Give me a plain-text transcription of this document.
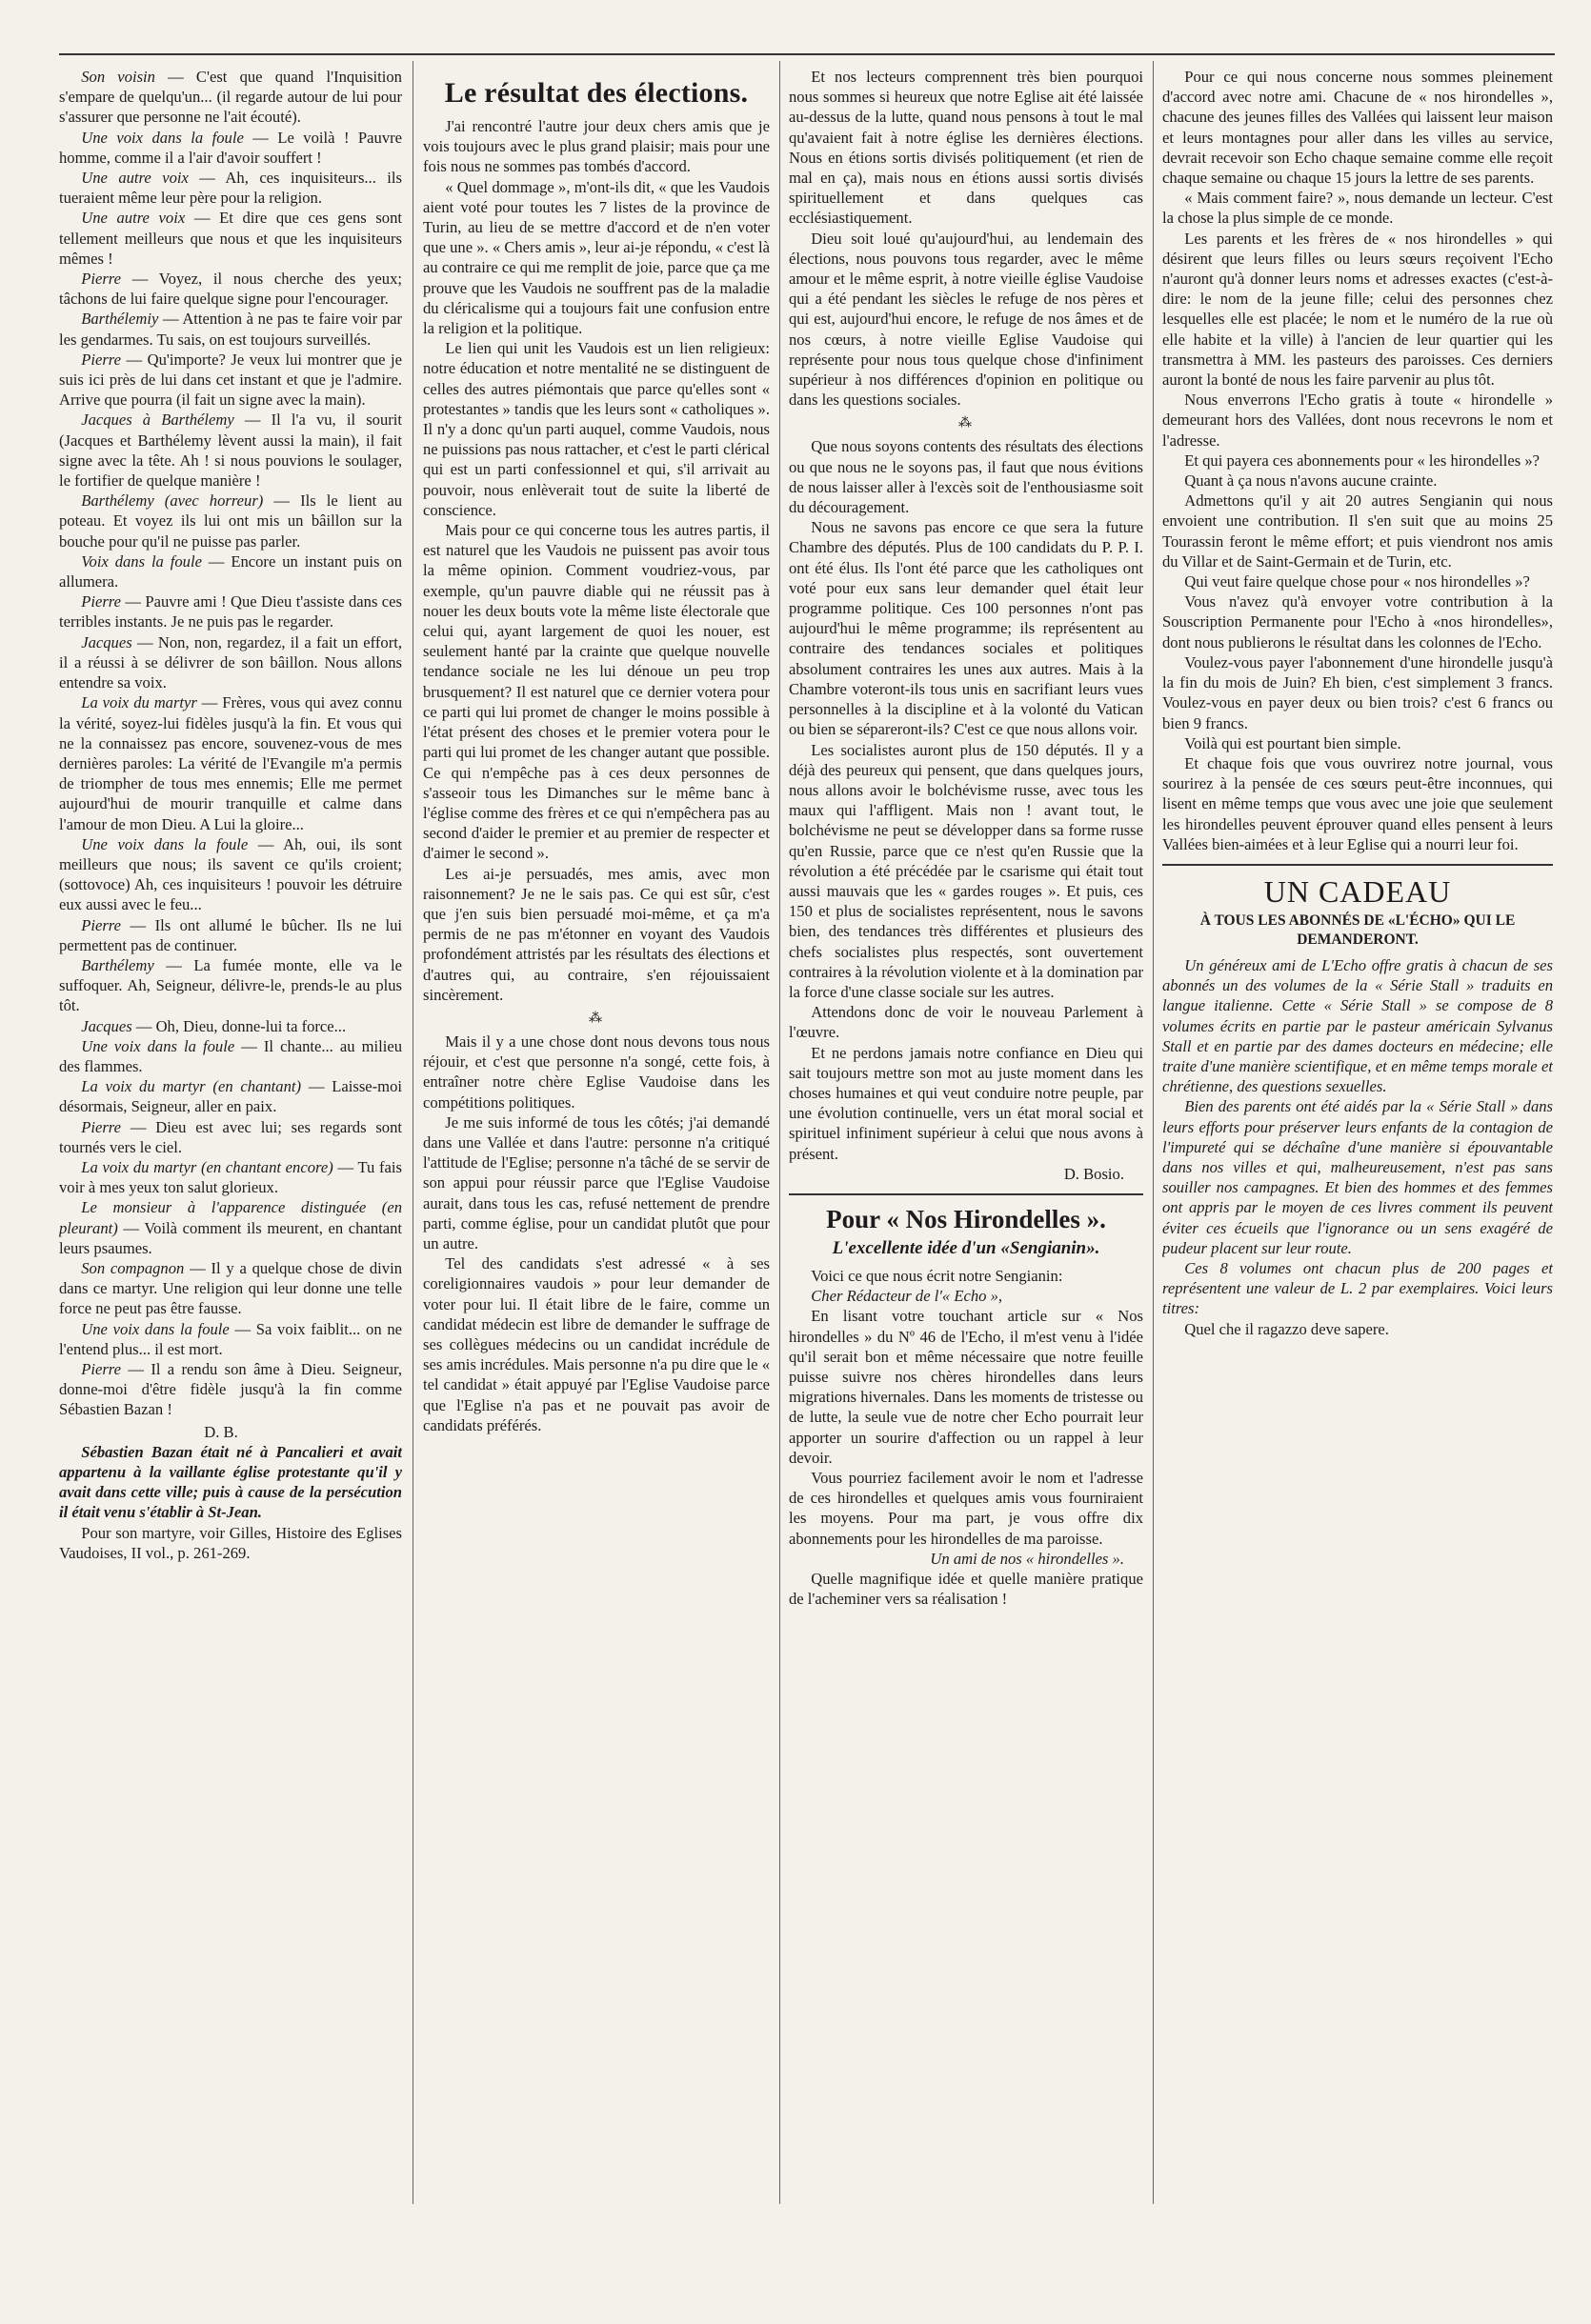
Son voisin — C'est que quand l'Inquisition s'empare de quelqu'un... (il regarde autour de lui pour s'assurer que personne ne l'ait écouté).

Une voix dans la foule — Le voilà ! Pauvre homme, comme il a l'air d'avoir souffert !

Une autre voix — Ah, ces inquisiteurs... ils tueraient même leur père pour la religion.

Une autre voix — Et dire que ces gens sont tellement meilleurs que nous et que les inquisiteurs mêmes !

Pierre — Voyez, il nous cherche des yeux; tâchons de lui faire quelque signe pour l'encourager.

Barthélemiy — Attention à ne pas te faire voir par les gendarmes. Tu sais, on est toujours surveillés.

Pierre — Qu'importe? Je veux lui montrer que je suis ici près de lui dans cet instant et que je l'admire. Arrive que pourra (il fait un signe avec la main).

Jacques à Barthélemy — Il l'a vu, il sourit (Jacques et Barthélemy lèvent aussi la main), il fait signe avec la tête. Ah ! si nous pouvions le soulager, le fortifier de quelque manière !

Barthélemy (avec horreur) — Ils le lient au poteau. Et voyez ils lui ont mis un bâillon sur la bouche pour qu'il ne puisse pas parler.

Voix dans la foule — Encore un instant puis on allumera.

Pierre — Pauvre ami ! Que Dieu t'assiste dans ces terribles instants. Je ne puis pas le regarder.

Jacques — Non, non, regardez, il a fait un effort, il a réussi à se délivrer de son bâillon. Nous allons entendre sa voix.

La voix du martyr — Frères, vous qui avez connu la vérité, soyez-lui fidèles jusqu'à la fin. Et vous qui ne la connaissez pas encore, souvenez-vous de mes dernières paroles: La vérité de l'Evangile m'a permis de triompher de tous mes ennemis; Elle me permet aujourd'hui de mourir tranquille et calme dans l'amour de mon Dieu. A Lui la gloire...

Une voix dans la foule — Ah, oui, ils sont meilleurs que nous; ils savent ce qu'ils croient; (sottovoce) Ah, ces inquisiteurs ! pouvoir les détruire eux aussi avec le feu...

Pierre — Ils ont allumé le bûcher. Ils ne lui permettent pas de continuer.

Barthélemy — La fumée monte, elle va le suffoquer. Ah, Seigneur, délivre-le, prends-le au plus tôt.

Jacques — Oh, Dieu, donne-lui ta force...

Une voix dans la foule — Il chante... au milieu des flammes.

La voix du martyr (en chantant) — Laisse-moi désormais, Seigneur, aller en paix.

Pierre — Dieu est avec lui; ses regards sont tournés vers le ciel.

La voix du martyr (en chantant encore) — Tu fais voir à mes yeux ton salut glorieux.

Le monsieur à l'apparence distinguée (en pleurant) — Voilà comment ils meurent, en chantant leurs psaumes.

Son compagnon — Il y a quelque chose de divin dans ce martyr. Une religion qui leur donne une telle force ne peut pas être fausse.

Une voix dans la foule — Sa voix faiblit... on ne l'entend plus... il est mort.

Pierre — Il a rendu son âme à Dieu. Seigneur, donne-moi d'être fidèle jusqu'à la fin comme Sébastien Bazan !

D. B.

Sébastien Bazan était né à Pancalieri et avait appartenu à la vaillante église protestante qu'il y avait dans cette ville; puis à cause de la persécution il était venu s'établir à St-Jean.

Pour son martyre, voir Gilles, Histoire des Eglises Vaudoises, II vol., p. 261-269.

Le résultat des élections.

J'ai rencontré l'autre jour deux chers amis que je vois toujours avec le plus grand plaisir; mais pour une fois nous ne sommes pas tombés d'accord.

« Quel dommage », m'ont-ils dit, « que les Vaudois aient voté pour toutes les 7 listes de la province de Turin, au lieu de se mettre d'accord et de n'en voter que une ». « Chers amis », leur ai-je répondu, « c'est là au contraire ce qui me remplit de joie, parce que ça me prouve que les Vaudois ne souffrent pas de la maladie du cléricalisme qui a toujours fait une confusion entre la religion et la politique.

Le lien qui unit les Vaudois est un lien religieux: notre éducation et notre mentalité ne se distinguent de celles des autres piémontais que parce qu'elles sont « protestantes » tandis que les leurs sont « catholiques ». Il n'y a donc qu'un parti auquel, comme Vaudois, nous ne puissions pas nous rattacher, et c'est le parti clérical qui est un parti confessionnel et qui, s'il arrivait au pouvoir, nous enlèverait tout de suite la liberté de conscience.

Mais pour ce qui concerne tous les autres partis, il est naturel que les Vaudois ne puissent pas avoir tous la même opinion. Comment voudriez-vous, par exemple, qu'un pauvre diable qui ne réussit pas à nouer les deux bouts vote la même liste électorale que celui qui, ayant largement de quoi les nouer, est seulement hanté par la crainte que quelque nouvelle tendance sociale ne les lui dénoue un peu trop brusquement? Il est naturel que ce dernier votera pour ce parti qui lui promet de changer le moins possible à l'état présent des choses et le premier votera pour le parti qui lui promet de les changer autant que possible. Ce qui n'empêche pas à ces deux personnes de s'asseoir tous les Dimanches sur le même banc à l'église comme des frères et ce qui n'empêchera pas au second d'aider le premier et au premier de respecter et d'aimer le second ».

Les ai-je persuadés, mes amis, avec mon raisonnement? Je ne le sais pas. Ce qui est sûr, c'est que j'en suis bien persuadé moi-même, et ça m'a permis de ne pas m'étonner en voyant des Vaudois profondément attristés par les résultats des élections et d'autres qui, au contraire, s'en réjouissaient sincèrement.

⁂

Mais il y a une chose dont nous devons tous nous réjouir, et c'est que personne n'a songé, cette fois, à entraîner notre chère Eglise Vaudoise dans les compétitions politiques.

Je me suis informé de tous les côtés; j'ai demandé dans une Vallée et dans l'autre: personne n'a critiqué l'attitude de l'Eglise; personne n'a tâché de se servir de son appui pour réussir parce que l'Eglise Vaudoise aurait, dans tous les cas, refusé nettement de prendre parti, comme église, pour un candidat plutôt que pour un autre.

Tel des candidats s'est adressé « à ses coreligionnaires vaudois » pour leur demander de voter pour lui. Il était libre de le faire, comme un candidat médecin est libre de demander le suffrage de ses collègues médecins ou un candidat incrédule de ses amis incrédules. Mais personne n'a pu dire que le « tel candidat » était appuyé par l'Eglise Vaudoise parce que l'Eglise n'a pas et ne pouvait pas avoir de candidats préférés.

Et nos lecteurs comprennent très bien pourquoi nous sommes si heureux que notre Eglise ait été laissée au-dessus de la lutte, quand nous pensons à tout le mal qu'avaient fait à notre église les dernières élections. Nous en étions sortis divisés politiquement (et rien de mal en ça), mais nous en étions aussi sortis divisés spirituellement et dans quelques cas ecclésiastiquement.

Dieu soit loué qu'aujourd'hui, au lendemain des élections, nous pouvons tous regarder, avec le même amour et le même esprit, à notre vieille église Vaudoise qui a été pendant les siècles le refuge de nos pères et qui est, aujourd'hui encore, le refuge de nos âmes et de nos cœurs, à notre vieille Eglise Vaudoise qui représente pour nous tous quelque chose d'infiniment supérieur à nos différences d'opinion en politique ou dans les questions sociales.

⁂

Que nous soyons contents des résultats des élections ou que nous ne le soyons pas, il faut que nous évitions de nous laisser aller à l'excès soit de l'enthousiasme soit du découragement.

Nous ne savons pas encore ce que sera la future Chambre des députés. Plus de 100 candidats du P. P. I. ont été élus. Ils l'ont été parce que les catholiques ont voté pour eux sans leur demander quel était leur programme politique. Ces 100 personnes n'ont pas aujourd'hui le même programme; ils représentent au contraire des tendances sociales et politiques absolument contraires les unes aux autres. Mais à la Chambre voteront-ils tous unis en sacrifiant leurs vues personnelles à la discipline et à la volonté du Vatican ou bien se sépareront-ils? C'est ce que nous allons voir.

Les socialistes auront plus de 150 députés. Il y a déjà des peureux qui pensent, que dans quelques jours, nous allons avoir le bolchévisme russe, avec tous les maux qui l'affligent. Mais non ! avant tout, le bolchévisme ne peut se développer dans sa forme russe qu'en Russie, parce que ce n'est qu'en Russie que la révolution a été précédée par le csarisme qui était tout aussi mauvais que les « gardes rouges ». Et puis, ces 150 et plus de socialistes représentent, nous le savons bien, des tendances très différentes et plusieurs des chefs socialistes plus respectés, sont ouvertement contraires à la révolution violente et à la domination par la force d'une classe sociale sur les autres.

Attendons donc de voir le nouveau Parlement à l'œuvre.

Et ne perdons jamais notre confiance en Dieu qui sait toujours mettre son mot au juste moment dans les choses humaines et qui veut conduire notre peuple, par une évolution continuelle, vers un état moral social et spirituel infiniment supérieur à celui que nous avons à présent.

D. Bosio.

Pour « Nos Hirondelles ».
L'excellente idée d'un «Sengianin».

Voici ce que nous écrit notre Sengianin:

Cher Rédacteur de l'« Echo »,

En lisant votre touchant article sur « Nos hirondelles » du Nº 46 de l'Echo, il m'est venu à l'idée qu'il serait bon et même nécessaire que notre feuille puisse suivre nos chères hirondelles dans leurs migrations hivernales. Dans les moments de tristesse ou de lutte, la seule vue de notre cher Echo pourrait leur apporter un sourire d'affection ou un rappel à leur devoir.

Vous pourriez facilement avoir le nom et l'adresse de ces hirondelles et quelques amis vous fourniraient les moyens. Pour ma part, je vous offre dix abonnements pour les hirondelles de ma paroisse.

Un ami de nos « hirondelles ».

Quelle magnifique idée et quelle manière pratique de l'acheminer vers sa réalisation !

Pour ce qui nous concerne nous sommes pleinement d'accord avec notre ami. Chacune de « nos hirondelles », chacune des jeunes filles des Vallées qui laissent leur maison et leurs montagnes pour aller dans les villes au service, devrait recevoir son Echo chaque semaine comme elle reçoit chaque semaine ou chaque 15 jours la lettre de ses parents.

« Mais comment faire? », nous demande un lecteur. C'est la chose la plus simple de ce monde.

Les parents et les frères de « nos hirondelles » qui désirent que leurs filles ou leurs sœurs reçoivent l'Echo n'auront qu'à donner leurs noms et adresses exactes (c'est-à-dire: le nom de la jeune fille; celui des personnes chez lesquelles elle est placée; le nom et le numéro de la rue où elle habite et la ville) à l'ancien de leur quartier qui les transmettra à MM. les pasteurs des paroisses. Ces derniers auront la bonté de nous les faire parvenir au plus tôt.

Nous enverrons l'Echo gratis à toute « hirondelle » demeurant hors des Vallées, dont nous recevrons le nom et l'adresse.

Et qui payera ces abonnements pour « les hirondelles »?

Quant à ça nous n'avons aucune crainte.

Admettons qu'il y ait 20 autres Sengianin qui nous envoient une contribution. Il s'en suit que au moins 25 Tourassin feront le même effort; et puis viendront nos amis du Villar et de Saint-Germain et de Turin, etc.

Qui veut faire quelque chose pour « nos hirondelles »?

Vous n'avez qu'à envoyer votre contribution à la Souscription Permanente pour l'Echo à «nos hirondelles», dont nous publierons le résultat dans les colonnes de l'Echo.

Voulez-vous payer l'abonnement d'une hirondelle jusqu'à la fin du mois de Juin? Eh bien, c'est simplement 3 francs. Voulez-vous en payer deux ou bien trois? c'est 6 francs ou bien 9 francs.

Voilà qui est pourtant bien simple.

Et chaque fois que vous ouvrirez notre journal, vous sourirez à la pensée de ces sœurs peut-être inconnues, qui lisent en même temps que vous avec une joie que seulement les hirondelles peuvent éprouver quand elles pensent à leurs Vallées bien-aimées et à leur Eglise qui a nourri leur foi.

UN CADEAU
À TOUS LES ABONNÉS DE «L'ÉCHO» QUI LE DEMANDERONT.

Un généreux ami de L'Echo offre gratis à chacun de ses abonnés un des volumes de la « Série Stall » traduits en langue italienne. Cette « Série Stall » se compose de 8 volumes écrits en partie par le pasteur américain Sylvanus Stall et en partie par des dames docteurs en médecine; elle traite d'une manière scientifique, et en même temps morale et chrétienne, des questions sexuelles.

Bien des parents ont été aidés par la « Série Stall » dans leurs efforts pour préserver leurs enfants de la contagion de l'impureté qui se déchaîne d'une manière si épouvantable dans nos villes et qui, malheureusement, n'est pas sans souiller nos campagnes. Et bien des hommes et des femmes ont appris par le moyen de ces livres comment ils peuvent éviter ces écueils que l'ignorance ou un sens exagéré de pudeur placent sur leur route.

Ces 8 volumes ont chacun plus de 200 pages et représentent une valeur de L. 2 par exemplaires. Voici leurs titres:

Quel che il ragazzo deve sapere.
